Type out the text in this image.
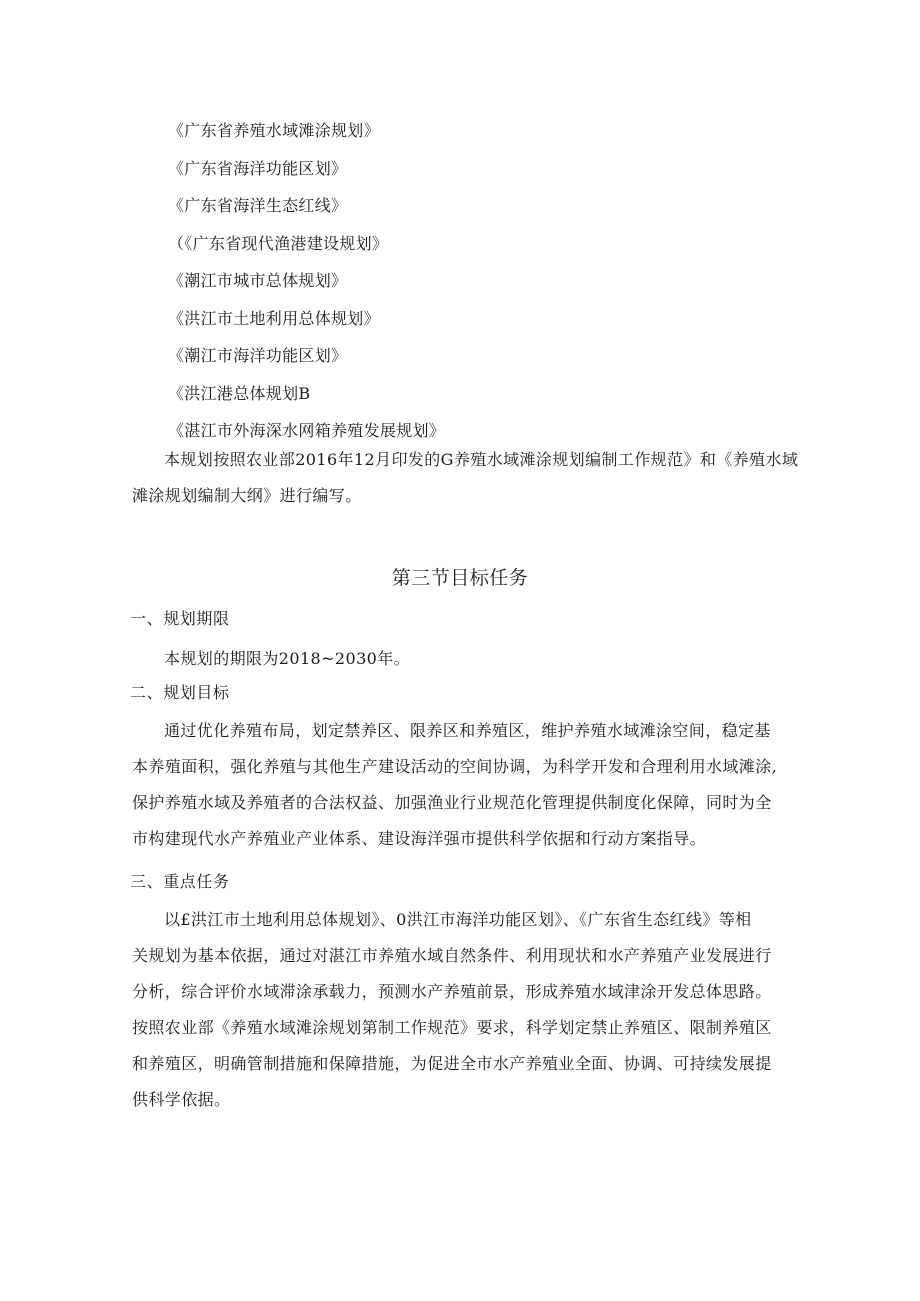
《广东省养殖水域滩涂规划》
《广东省海洋功能区划》
《广东省海洋生态红线》
（《广东省现代渔港建设规划》
《潮江市城市总体规划》
《洪江市土地利用总体规划》
《潮江市海洋功能区划》
《洪江港总体规划B
《湛江市外海深水网箱养殖发展规划》
本规划按照农业部2016年12月印发的G养殖水域滩涂规划编制工作规范》和《养殖水域
滩涂规划编制大纲》进行编写。
第三节目标任务
一、规划期限
本规划的期限为2018~2030年。
二、规划目标
通过优化养殖布局，划定禁养区、限养区和养殖区，维护养殖水域滩涂空间，稳定基
本养殖面积，强化养殖与其他生产建设活动的空间协调，为科学开发和合理利用水域滩涂,
保护养殖水域及养殖者的合法权益、加强渔业行业规范化管理提供制度化保障，同时为全
市构建现代水产养殖业产业体系、建设海洋强市提供科学依据和行动方案指导。
三、重点任务
以£洪江市土地利用总体规划》、0洪江市海洋功能区划》、《广东省生态红线》等相
关规划为基本依据，通过对湛江市养殖水域自然条件、利用现状和水产养殖产业发展进行
分析，综合评价水域滞涂承载力，预测水产养殖前景，形成养殖水域津涂开发总体思路。
按照农业部《养殖水域滩涂规划第制工作规范》要求，科学划定禁止养殖区、限制养殖区
和养殖区，明确管制措施和保障措施，为促进全市水产养殖业全面、协调、可持续发展提
供科学依据。
